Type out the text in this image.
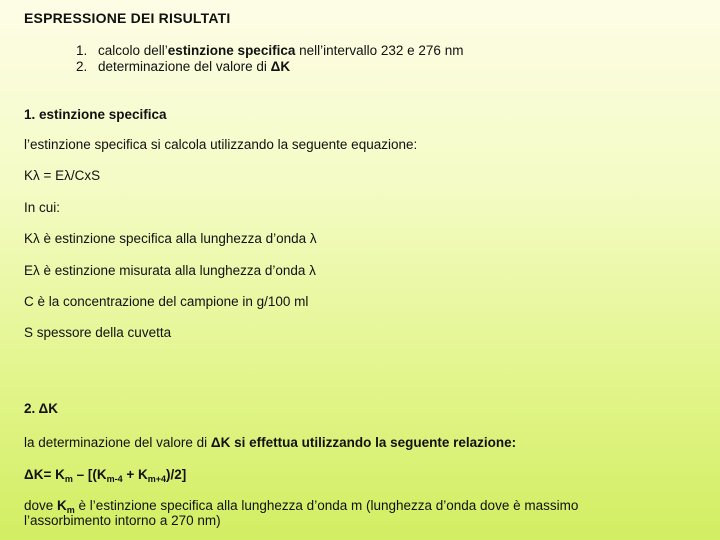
ESPRESSIONE DEI RISULTATI
1. calcolo dell’estinzione specifica nell’intervallo 232 e 276 nm
2. determinazione del valore di ΔK
1. estinzione specifica
l’estinzione specifica si calcola utilizzando la seguente equazione:
Kλ = Eλ/CxS
In cui:
Kλ è estinzione specifica alla lunghezza d’onda λ
Eλ è estinzione misurata alla lunghezza d’onda λ
C è la concentrazione del campione in g/100 ml
S spessore della cuvetta
2. ΔK
la determinazione del valore di ΔK si effettua utilizzando la seguente relazione:
$\Delta K= K_m - [(K_{m-4} + K_{m+4})/2]$
dove $K_m$ è l’estinzione specifica alla lunghezza d’onda m (lunghezza d’onda dove è massimo
l’assorbimento intorno a 270 nm)
